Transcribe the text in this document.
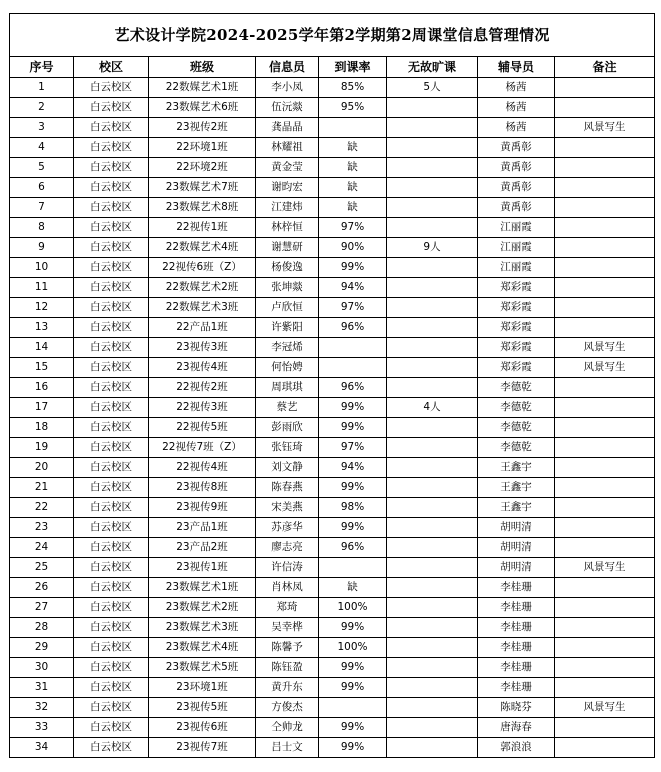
艺术设计学院2024-2025学年第2学期第2周课堂信息管理情况							
序号	校区	班级	信息员	到课率	无故旷课	辅导员	备注
1	白云校区	22数媒艺术1班	李小凤	85%	5人	杨茜	
2	白云校区	23数媒艺术6班	伍沅燚	95%		杨茜	
3	白云校区	23视传2班	龚晶晶			杨茜	风景写生
4	白云校区	22环境1班	林耀祖	缺		黄禹彰	
5	白云校区	22环境2班	黄金莹	缺		黄禹彰	
6	白云校区	23数媒艺术7班	谢昀宏	缺		黄禹彰	
7	白云校区	23数媒艺术8班	江建炜	缺		黄禹彰	
8	白云校区	22视传1班	林梓恒	97%		江丽霞	
9	白云校区	22数媒艺术4班	谢慧研	90%	9人	江丽霞	
10	白云校区	22视传6班（Z）	杨俊逸	99%		江丽霞	
11	白云校区	22数媒艺术2班	张坤燚	94%		郑彩霞	
12	白云校区	22数媒艺术3班	卢欣恒	97%		郑彩霞	
13	白云校区	22产品1班	许紫阳	96%		郑彩霞	
14	白云校区	23视传3班	李冠烯			郑彩霞	风景写生
15	白云校区	23视传4班	何怡娉			郑彩霞	风景写生
16	白云校区	22视传2班	周琪琪	96%		李德乾	
17	白云校区	22视传3班	蔡艺	99%	4人	李德乾	
18	白云校区	22视传5班	彭雨欣	99%		李德乾	
19	白云校区	22视传7班（Z）	张钰琦	97%		李德乾	
20	白云校区	22视传4班	刘文静	94%		王鑫宇	
21	白云校区	23视传8班	陈春燕	99%		王鑫宇	
22	白云校区	23视传9班	宋美燕	98%		王鑫宇	
23	白云校区	23产品1班	苏彦华	99%		胡明清	
24	白云校区	23产品2班	廖志亮	96%		胡明清	
25	白云校区	23视传1班	许信涛			胡明清	风景写生
26	白云校区	23数媒艺术1班	肖林凤	缺		李桂珊	
27	白云校区	23数媒艺术2班	郑琦	100%		李桂珊	
28	白云校区	23数媒艺术3班	吴幸桦	99%		李桂珊	
29	白云校区	23数媒艺术4班	陈馨予	100%		李桂珊	
30	白云校区	23数媒艺术5班	陈钰盈	99%		李桂珊	
31	白云校区	23环境1班	黄升东	99%		李桂珊	
32	白云校区	23视传5班	方俊杰			陈晓芬	风景写生
33	白云校区	23视传6班	仝帅龙	99%		唐海春	
34	白云校区	23视传7班	吕士文	99%		郭浪浪	
